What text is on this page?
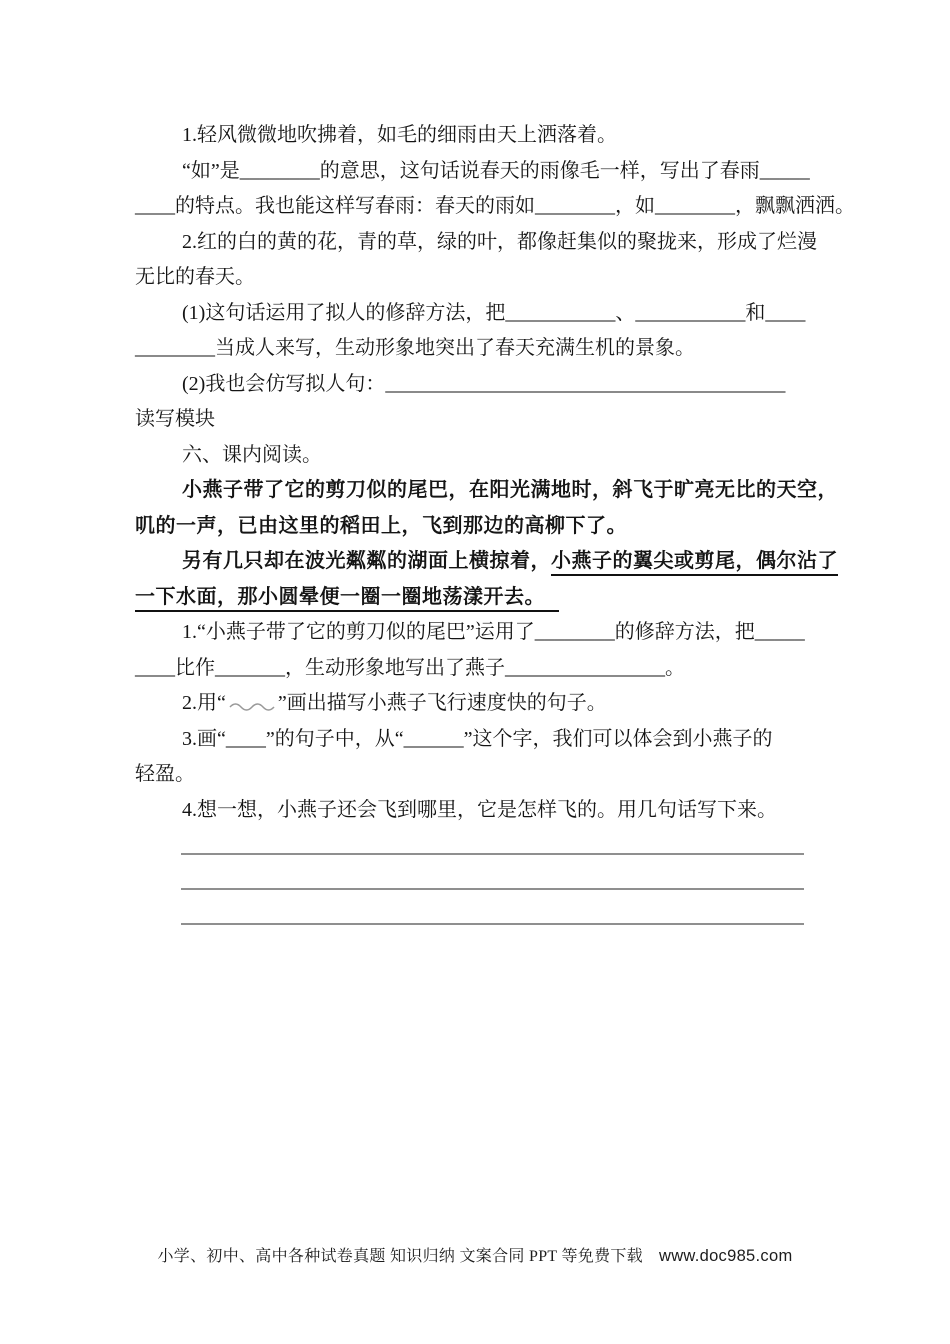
1.轻风微微地吹拂着，如毛的细雨由天上洒落着。
“如”是________的意思，这句话说春天的雨像毛一样，写出了春雨_____
____的特点。我也能这样写春雨：春天的雨如________，如________，飘飘洒洒。
2.红的白的黄的花，青的草，绿的叶，都像赶集似的聚拢来，形成了烂漫
无比的春天。
(1)这句话运用了拟人的修辞方法，把___________、___________和____
________当成人来写，生动形象地突出了春天充满生机的景象。
(2)我也会仿写拟人句：________________________________________
读写模块
六、课内阅读。
小燕子带了它的剪刀似的尾巴，在阳光满地时，斜飞于旷亮无比的天空，
叽的一声，已由这里的稻田上，飞到那边的高柳下了。
另有几只却在波光粼粼的湖面上横掠着，小燕子的翼尖或剪尾，偶尔沾了
一下水面，那小圆晕便一圈一圈地荡漾开去。
1.“小燕子带了它的剪刀似的尾巴”运用了________的修辞方法，把_____
____比作_______，生动形象地写出了燕子________________。
2.用“	”画出描写小燕子飞行速度快的句子。
3.画“____”的句子中，从“______”这个字，我们可以体会到小燕子的
轻盈。
4.想一想，小燕子还会飞到哪里，它是怎样飞的。用几句话写下来。
小学、初中、高中各种试卷真题 知识归纳 文案合同 PPT 等免费下载 www.doc985.com
